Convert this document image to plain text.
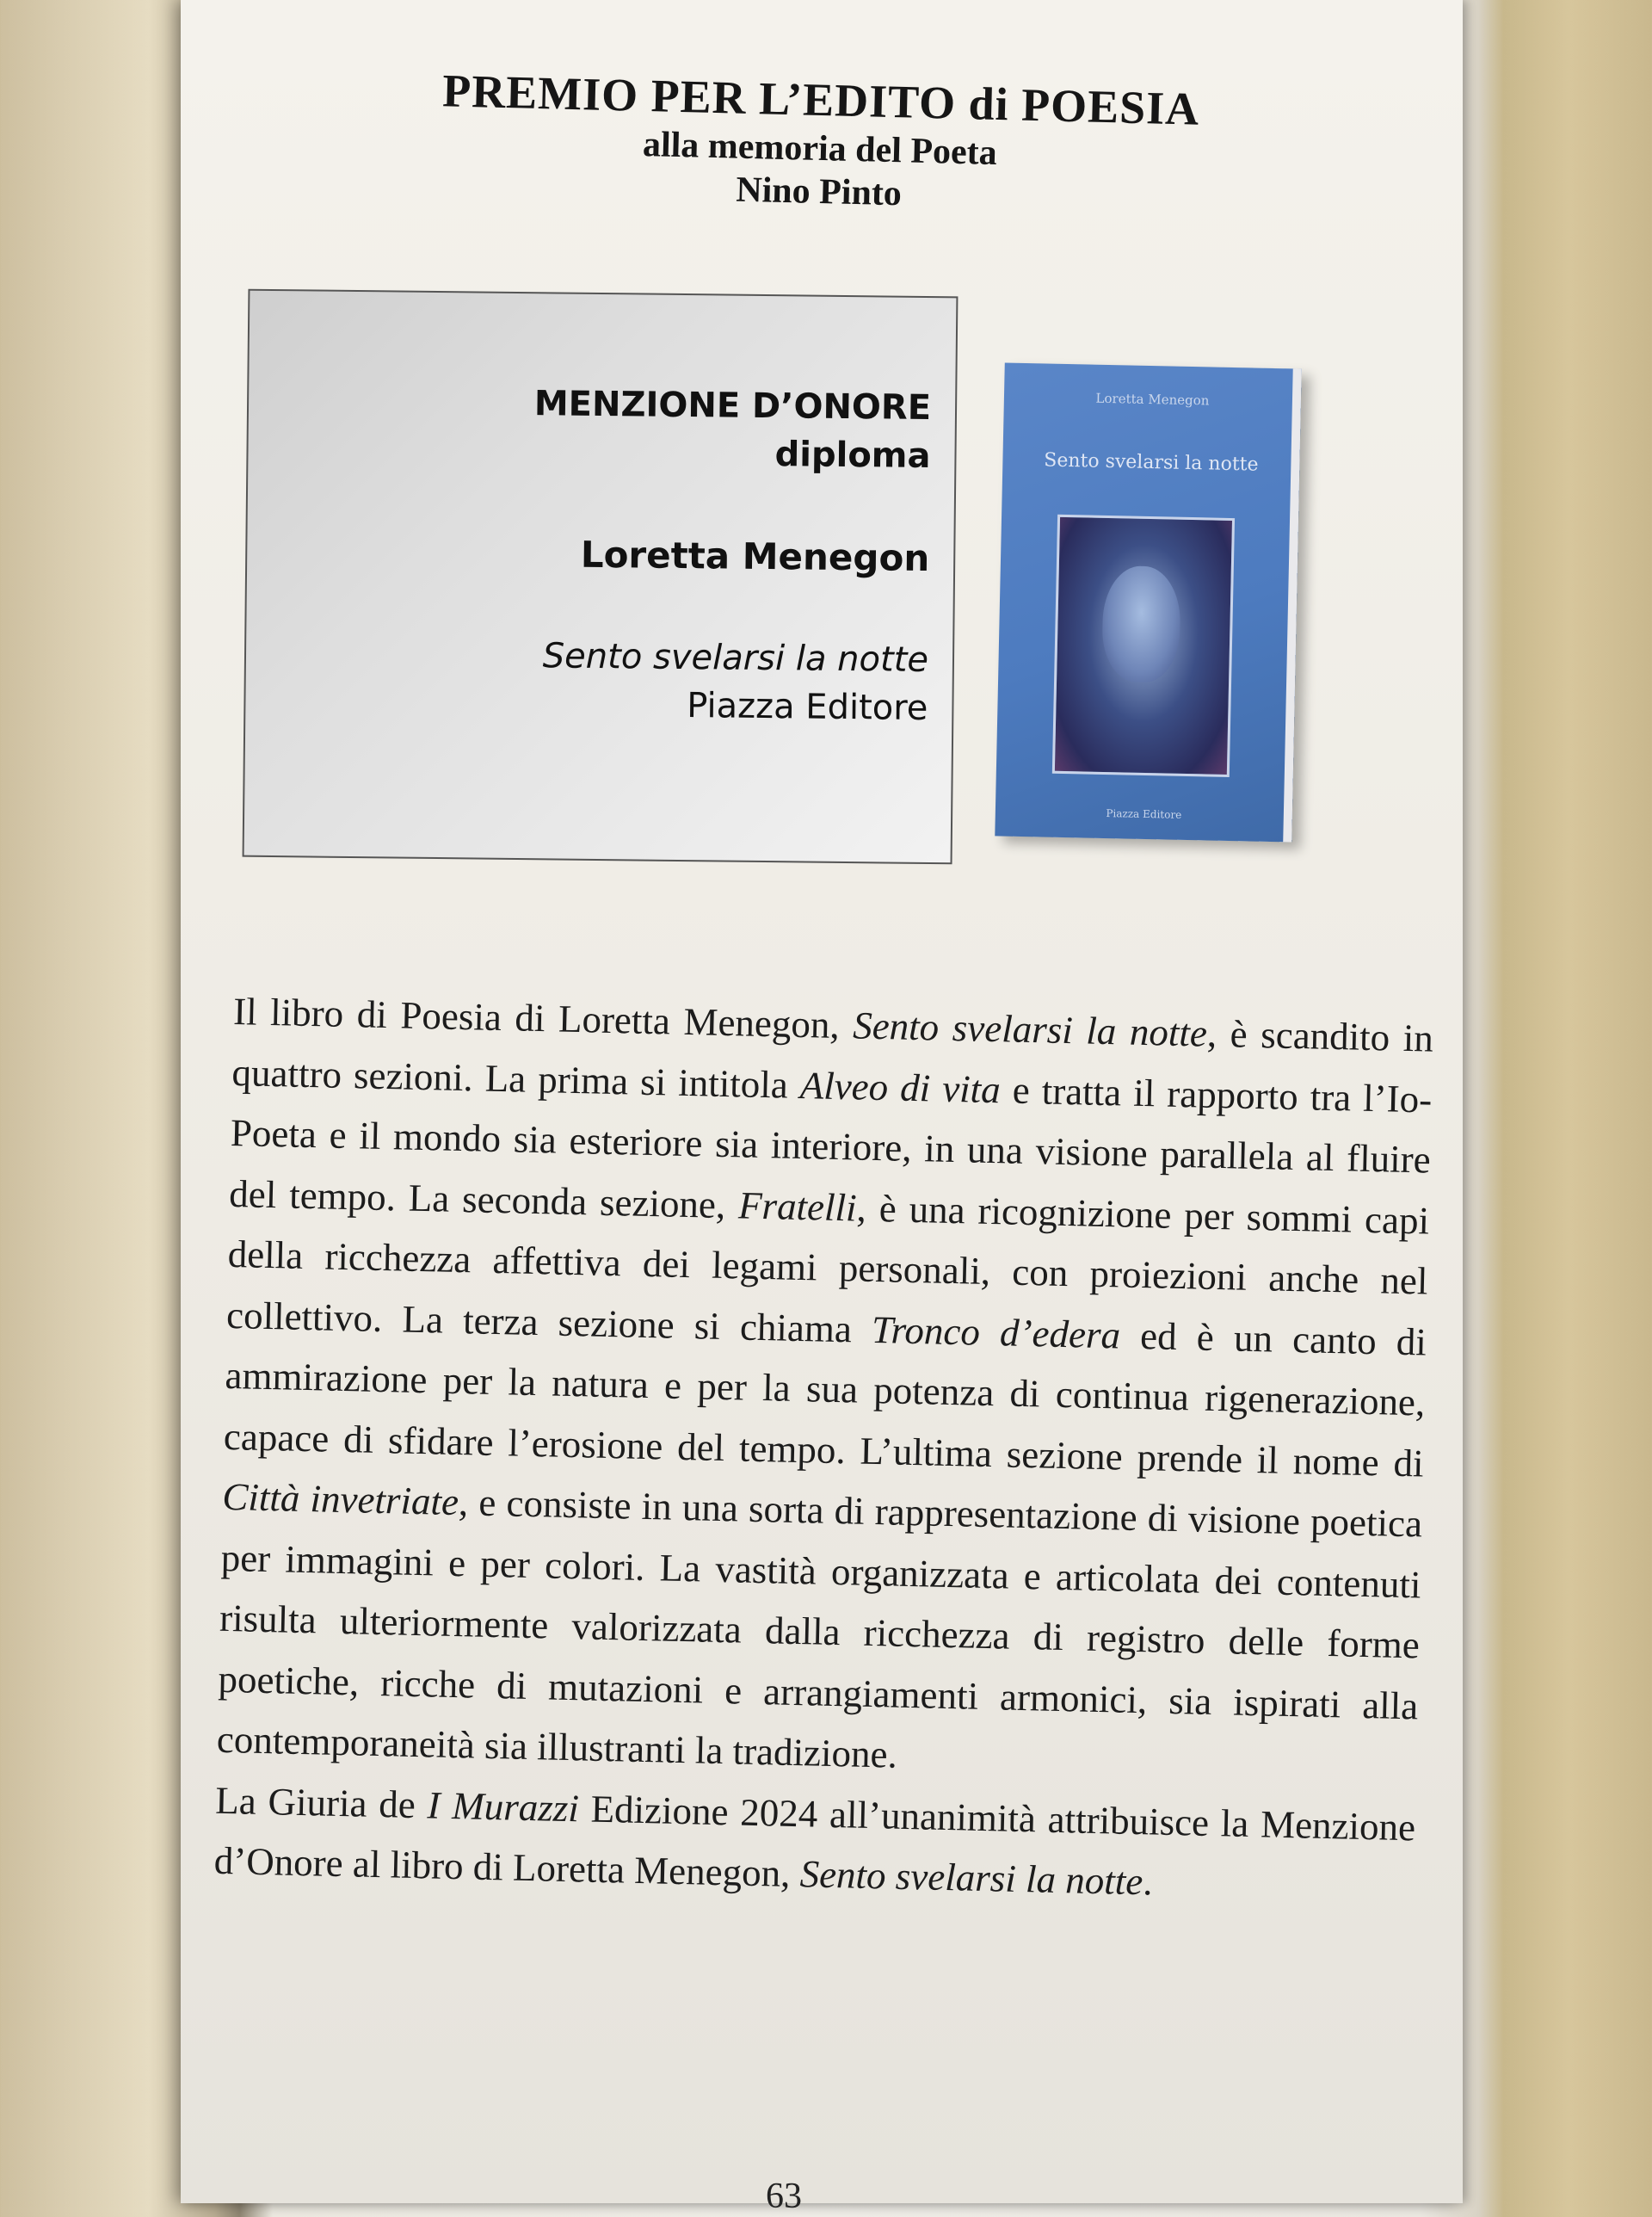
PREMIO PER L’EDITO di POESIA
alla memoria del Poeta
Nino Pinto
MENZIONE D’ONORE
diploma
Loretta Menegon
Sento svelarsi la notte
Piazza Editore
Loretta Menegon
Sento svelarsi la notte
Piazza Editore

Il libro di Poesia di Loretta Menegon, Sento svelarsi la notte, è scandito in quattro sezioni. La prima si intitola Alveo di vita e tratta il rapporto tra l’Io-Poeta e il mondo sia esteriore sia interiore, in una visione parallela al fluire del tempo. La seconda sezione, Fratelli, è una ricognizione per sommi capi della ricchezza affettiva dei legami personali, con proiezioni anche nel collettivo. La terza sezione si chiama Tronco d’edera ed è un canto di ammirazione per la natura e per la sua potenza di continua rigenerazione, capace di sfidare l’erosione del tempo. L’ultima sezione prende il nome di Città invetriate, e consiste in una sorta di rappresentazione di visione poetica per immagini e per colori. La vastità organizzata e articolata dei contenuti risulta ulteriormente valorizzata dalla ricchezza di registro delle forme poetiche, ricche di mutazioni e arrangiamenti armonici, sia ispirati alla contemporaneità sia illustranti la tradizione.

La Giuria de I Murazzi Edizione 2024 all’unanimità attribuisce la Menzione d’Onore al libro di Loretta Menegon, Sento svelarsi la notte.

63
